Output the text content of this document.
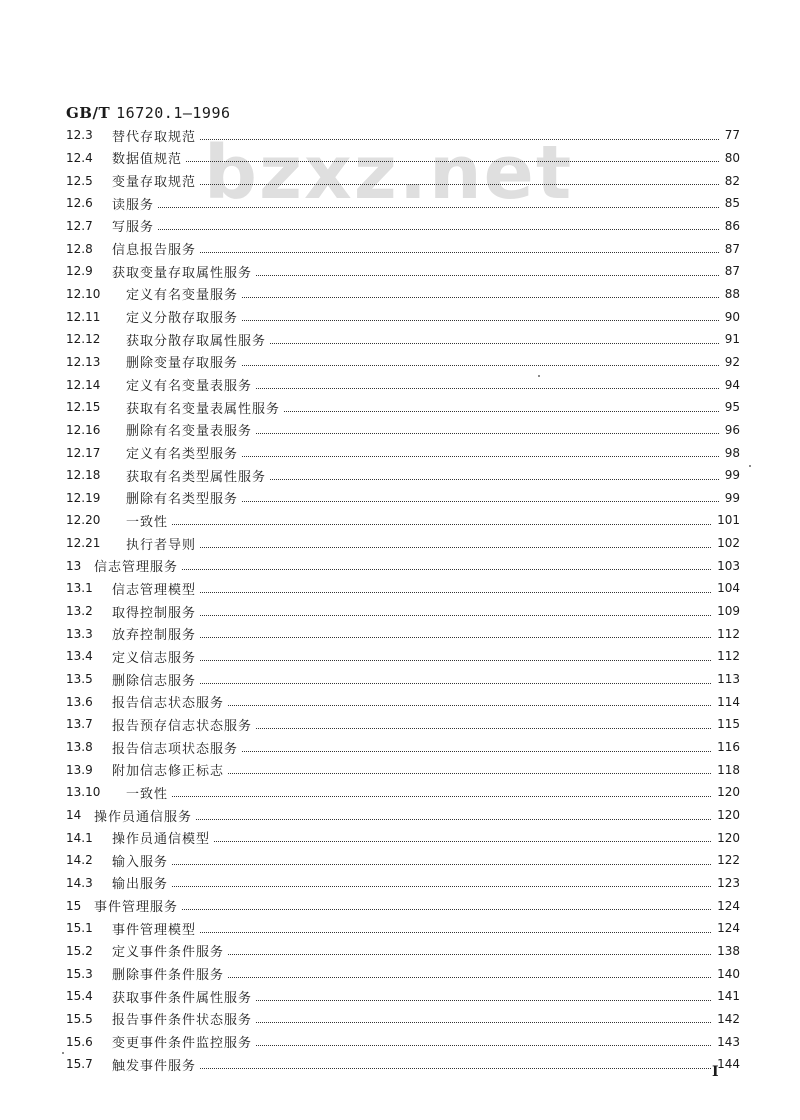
GB/T 16720.1—1996
bzxz.net
12.3	替代存取规范	77
12.4	数据值规范	80
12.5	变量存取规范	82
12.6	读服务	85
12.7	写服务	86
12.8	信息报告服务	87
12.9	获取变量存取属性服务	87
12.10	定义有名变量服务	88
12.11	定义分散存取服务	90
12.12	获取分散存取属性服务	91
12.13	删除变量存取服务	92
12.14	定义有名变量表服务	94
12.15	获取有名变量表属性服务	95
12.16	删除有名变量表服务	96
12.17	定义有名类型服务	98
12.18	获取有名类型属性服务	99
12.19	删除有名类型服务	99
12.20	一致性	101
12.21	执行者导则	102
13 信志管理服务	103
13.1	信志管理模型	104
13.2	取得控制服务	109
13.3	放弃控制服务	112
13.4	定义信志服务	112
13.5	删除信志服务	113
13.6	报告信志状态服务	114
13.7	报告预存信志状态服务	115
13.8	报告信志项状态服务	116
13.9	附加信志修正标志	118
13.10	一致性	120
14 操作员通信服务	120
14.1	操作员通信模型	120
14.2	输入服务	122
14.3	输出服务	123
15 事件管理服务	124
15.1	事件管理模型	124
15.2	定义事件条件服务	138
15.3	删除事件条件服务	140
15.4	获取事件条件属性服务	141
15.5	报告事件条件状态服务	142
15.6	变更事件条件监控服务	143
15.7	触发事件服务	144
I
